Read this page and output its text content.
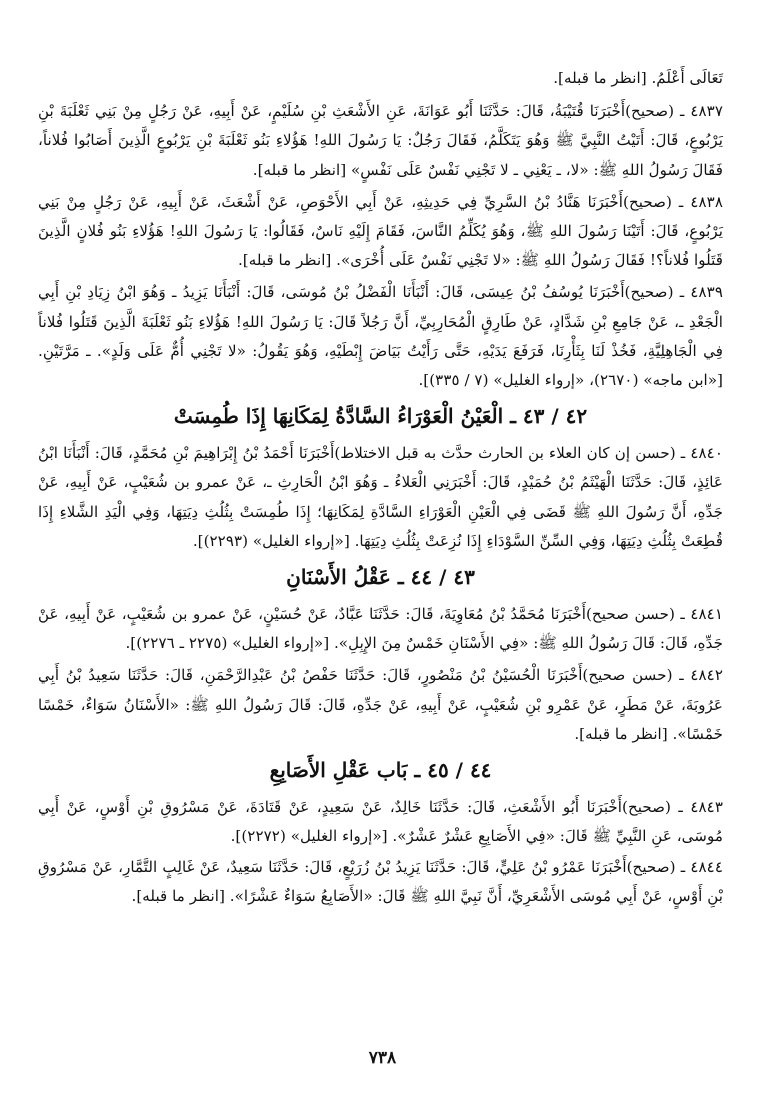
تَعَالَى أَعْلَمُ. [انظر ما قبله].

٤٨٣٧ ـ (صحيح)أَخْبَرَنَا قُتَيْبَةُ، قَالَ: حَدَّثَنَا أَبُو عَوَانَةَ، عَنِ الأَشْعَثِ بْنِ سُلَيْمٍ، عَنْ أَبِيهِ، عَنْ رَجُلٍ مِنْ بَنِي ثَعْلَبَةَ بْنِ يَرْبُوعٍ، قَالَ: أَتَيْتُ النَّبِيَّ ﷺ وَهُوَ يَتَكَلَّمُ، فَقَالَ رَجُلٌ: يَا رَسُولَ اللهِ! هَؤُلاءِ بَنُو ثَعْلَبَةَ بْنِ يَرْبُوعٍ الَّذِينَ أَصَابُوا فُلاناً، فَقَالَ رَسُولُ اللهِ ﷺ: «لا، ـ يَعْنِي ـ لا تَجْنِي نَفْسٌ عَلَى نَفْسٍ» [انظر ما قبله].

٤٨٣٨ ـ (صحيح)أَخْبَرَنَا هَنَّادُ بْنُ السَّرِيِّ فِي حَدِيثِهِ، عَنْ أَبِي الأَحْوَصِ، عَنْ أَشْعَثَ، عَنْ أَبِيهِ، عَنْ رَجُلٍ مِنْ بَنِي يَرْبُوعٍ، قَالَ: أَتَيْنَا رَسُولَ اللهِ ﷺ، وَهُوَ يُكَلِّمُ النَّاسَ، فَقَامَ إِلَيْهِ نَاسٌ، فَقَالُوا: يَا رَسُولَ اللهِ! هَؤُلاءِ بَنُو فُلانٍ الَّذِينَ قَتَلُوا فُلاناً؟! فَقَالَ رَسُولُ اللهِ ﷺ: «لا تَجْنِي نَفْسٌ عَلَى أُخْرَى». [انظر ما قبله].

٤٨٣٩ ـ (صحيح)أَخْبَرَنَا يُوسُفُ بْنُ عِيسَى، قَالَ: أَنْبَأَنَا الْفَضْلُ بْنُ مُوسَى، قَالَ: أَنْبَأَنَا يَزِيدُ ـ وَهُوَ ابْنُ زِيَادِ بْنِ أَبِي الْجَعْدِ ـ، عَنْ جَامِعِ بْنِ شَدَّادٍ، عَنْ طَارِقٍ الْمُحَارِبِيِّ، أَنَّ رَجُلاً قَالَ: يَا رَسُولَ اللهِ! هَؤُلاءِ بَنُو ثَعْلَبَةَ الَّذِينَ قَتَلُوا فُلاناً فِي الْجَاهِلِيَّةِ، فَخُذْ لَنَا بِثَأْرِنَا، فَرَفَعَ يَدَيْهِ، حَتَّى رَأَيْتُ بَيَاضَ إِبْطَيْهِ، وَهُوَ يَقُولُ: «لا تَجْنِي أُمٌّ عَلَى وَلَدٍ». ـ مَرَّتَيْنِ. [«ابن ماجه» (٢٦٧٠)، «إرواء الغليل» (٧ / ٣٣٥)].

٤٢ / ٤٣ ـ الْعَيْنُ الْعَوْرَاءُ السَّادَّةُ لِمَكَانِهَا إِذَا طُمِسَتْ

٤٨٤٠ ـ (حسن إن كان العلاء بن الحارث حدَّث به قبل الاختلاط)أَخْبَرَنَا أَحْمَدُ بْنُ إِبْرَاهِيمَ بْنِ مُحَمَّدٍ، قَالَ: أَنْبَأَنَا ابْنُ عَائِذٍ، قَالَ: حَدَّثَنَا الْهَيْثَمُ بْنُ حُمَيْدٍ، قَالَ: أَخْبَرَنِي الْعَلاءُ ـ وَهُوَ ابْنُ الْحَارِثِ ـ، عَنْ عمرو بن شُعَيْبٍ، عَنْ أَبِيهِ، عَنْ جَدِّهِ، أَنَّ رَسُولَ اللهِ ﷺ قَضَى فِي الْعَيْنِ الْعَوْرَاءِ السَّادَّةِ لِمَكَانِهَا؛ إِذَا طُمِسَتْ بِثُلُثِ دِيَتِهَا، وَفِي الْيَدِ الشَّلاءِ إِذَا قُطِعَتْ بِثُلُثِ دِيَتِهَا، وَفِي السِّنِّ السَّوْدَاءِ إِذَا نُزِعَتْ بِثُلُثِ دِيَتِهَا. [«إرواء الغليل» (٢٢٩٣)].

٤٣ / ٤٤ ـ عَقْلُ الأَسْنَانِ

٤٨٤١ ـ (حسن صحيح)أَخْبَرَنَا مُحَمَّدُ بْنُ مُعَاوِيَةَ، قَالَ: حَدَّثَنَا عَبَّادٌ، عَنْ حُسَيْنٍ، عَنْ عمرو بن شُعَيْبٍ، عَنْ أَبِيهِ، عَنْ جَدِّهِ، قَالَ: قَالَ رَسُولُ اللهِ ﷺ: «فِي الأَسْنَانِ خَمْسٌ مِنَ الإِبِلِ». [«إرواء الغليل» (٢٢٧٥ ـ ٢٢٧٦)].

٤٨٤٢ ـ (حسن صحيح)أَخْبَرَنَا الْحُسَيْنُ بْنُ مَنْصُورٍ، قَالَ: حَدَّثَنَا حَفْصُ بْنُ عَبْدِالرَّحْمَنِ، قَالَ: حَدَّثَنَا سَعِيدُ بْنُ أَبِي عَرُوبَةَ، عَنْ مَطَرٍ، عَنْ عَمْرِو بْنِ شُعَيْبٍ، عَنْ أَبِيهِ، عَنْ جَدِّهِ، قَالَ: قَالَ رَسُولُ اللهِ ﷺ: «الأَسْنَانُ سَوَاءٌ، خَمْسًا خَمْسًا». [انظر ما قبله].

٤٤ / ٤٥ ـ بَاب عَقْلِ الأَصَابِعِ

٤٨٤٣ ـ (صحيح)أَخْبَرَنَا أَبُو الأَشْعَثِ، قَالَ: حَدَّثَنَا خَالِدٌ، عَنْ سَعِيدٍ، عَنْ قَتَادَةَ، عَنْ مَسْرُوقِ بْنِ أَوْسٍ، عَنْ أَبِي مُوسَى، عَنِ النَّبِيِّ ﷺ قَالَ: «فِي الأَصَابِعِ عَشْرٌ عَشْرٌ». [«إرواء الغليل» (٢٢٧٢)].

٤٨٤٤ ـ (صحيح)أَخْبَرَنَا عَمْرُو بْنُ عَلِيٍّ، قَالَ: حَدَّثَنَا يَزِيدُ بْنُ زُرَيْعٍ، قَالَ: حَدَّثَنَا سَعِيدٌ، عَنْ غَالِبٍ التَّمَّارِ، عَنْ مَسْرُوقِ بْنِ أَوْسٍ، عَنْ أَبِي مُوسَى الأَشْعَرِيِّ، أَنَّ نَبِيَّ اللهِ ﷺ قَالَ: «الأَصَابِعُ سَوَاءٌ عَشْرًا». [انظر ما قبله].

٧٣٨
